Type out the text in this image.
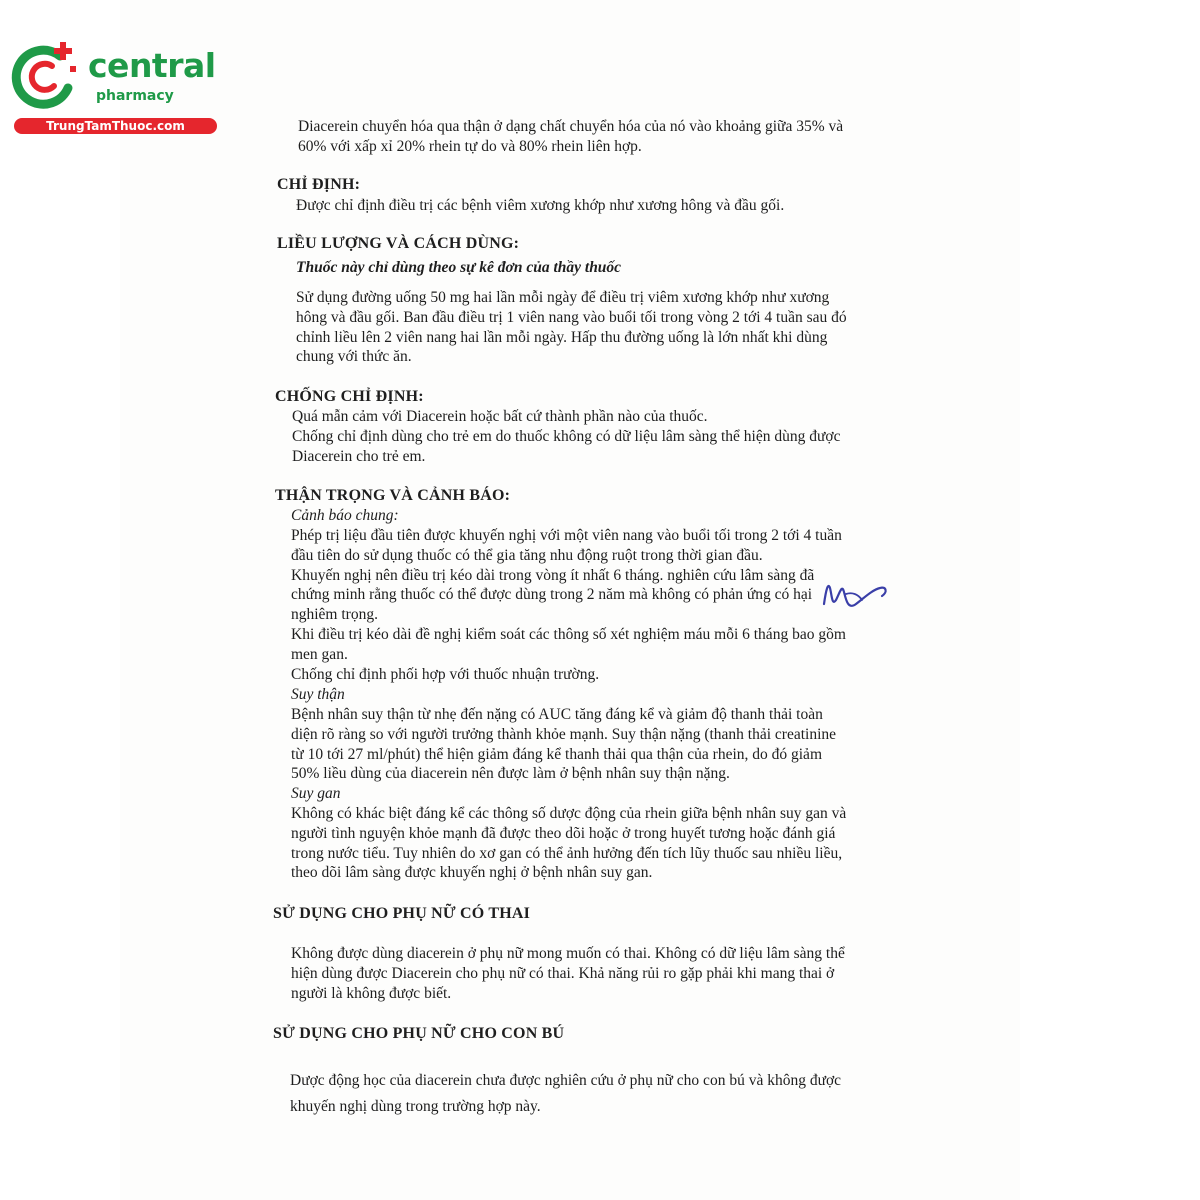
central
pharmacy
TrungTamThuoc.com	Diacerein chuyển hóa qua thận ở dạng chất chuyển hóa của nó vào khoảng giữa 35% và
60% với xấp xỉ 20% rhein tự do và 80% rhein liên hợp.

CHỈ ĐỊNH:

Được chỉ định điều trị các bệnh viêm xương khớp như xương hông và đầu gối.

LIỀU LƯỢNG VÀ CÁCH DÙNG:

Thuốc này chỉ dùng theo sự kê đơn của thầy thuốc

Sử dụng đường uống 50 mg hai lần mỗi ngày để điều trị viêm xương khớp như xương
hông và đầu gối. Ban đầu điều trị 1 viên nang vào buổi tối trong vòng 2 tới 4 tuần sau đó
chỉnh liều lên 2 viên nang hai lần mỗi ngày. Hấp thu đường uống là lớn nhất khi dùng
chung với thức ăn.

CHỐNG CHỈ ĐỊNH:

Quá mẫn cảm với Diacerein hoặc bất cứ thành phần nào của thuốc.
Chống chỉ định dùng cho trẻ em do thuốc không có dữ liệu lâm sàng thể hiện dùng được
Diacerein cho trẻ em.

THẬN TRỌNG VÀ CẢNH BÁO:

Cảnh báo chung:

Phép trị liệu đầu tiên được khuyến nghị với một viên nang vào buổi tối trong 2 tới 4 tuần
đầu tiên do sử dụng thuốc có thể gia tăng nhu động ruột trong thời gian đầu.
Khuyến nghị nên điều trị kéo dài trong vòng ít nhất 6 tháng. nghiên cứu lâm sàng đã
chứng minh rằng thuốc có thể được dùng trong 2 năm mà không có phản ứng có hại
nghiêm trọng.
Khi điều trị kéo dài đề nghị kiểm soát các thông số xét nghiệm máu mỗi 6 tháng bao gồm
men gan.
Chống chỉ định phối hợp với thuốc nhuận trường.

Suy thận

Bệnh nhân suy thận từ nhẹ đến nặng có AUC tăng đáng kể và giảm độ thanh thải toàn
diện rõ ràng so với người trưởng thành khỏe mạnh. Suy thận nặng (thanh thải creatinine
từ 10 tới 27 ml/phút) thể hiện giảm đáng kể thanh thải qua thận của rhein, do đó giảm
50% liều dùng của diacerein nên được làm ở bệnh nhân suy thận nặng.

Suy gan

Không có khác biệt đáng kể các thông số dược động của rhein giữa bệnh nhân suy gan và
người tình nguyện khỏe mạnh đã được theo dõi hoặc ở trong huyết tương hoặc đánh giá
trong nước tiểu. Tuy nhiên do xơ gan có thể ảnh hưởng đến tích lũy thuốc sau nhiều liều,
theo dõi lâm sàng được khuyến nghị ở bệnh nhân suy gan.

SỬ DỤNG CHO PHỤ NỮ CÓ THAI

Không được dùng diacerein ở phụ nữ mong muốn có thai. Không có dữ liệu lâm sàng thể
hiện dùng được Diacerein cho phụ nữ có thai. Khả năng rủi ro gặp phải khi mang thai ở
người là không được biết.

SỬ DỤNG CHO PHỤ NỮ CHO CON BÚ

Dược động học của diacerein chưa được nghiên cứu ở phụ nữ cho con bú và không được
khuyến nghị dùng trong trường hợp này.
